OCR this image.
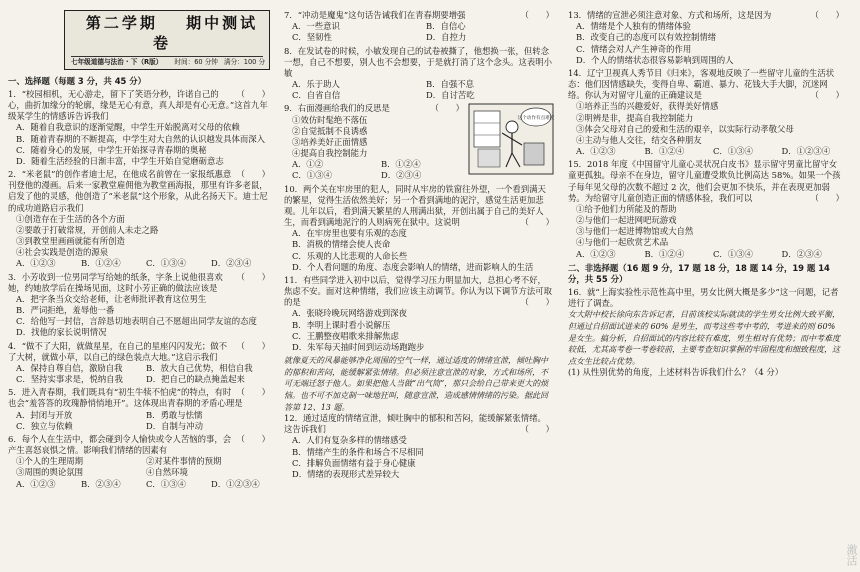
第二学期 期中测试卷
七年级道德与法治 · 下（R版） 时间：60 分钟 满分：100 分
一、选择题（每题 3 分，共 45 分）
（　　）
1．“校园相机，无心游走，留下了笑语分秒，许诺自己的心，曲折加缘分的轮廓，缘是无心有意，真人却是有心无意。”这首九年级某学生的情感诉告诉我们
A．随着自我意识的逐渐觉醒，中学生开始脱离对父母的依赖
B．随着青春期的不断提高，中学生对大自然的认识越发具体而深入
C．随着身心的发展，中学生开始探寻青春期的奥秘
D．随着生活经验的日渐丰富，中学生开始自觉磨砺意志
（　　）
2．“米老鼠”的创作者迪士尼，在他成名前曾在一家报纸惠意刊登他的漫画。后来一家教堂雇佣他为教堂画海报，那里有许多老鼠，启发了他的灵感，他创造了“米老鼠”这个形象，从此名扬天下。迪士尼的成功道路启示我们
①创造存在于生活的各个方面
②要敢于打破常规，开创前人未走之路
③到教堂里画画就能有所创造
④社会实践是创造的源泉
A．①②③	B．①②④	C．①③④	D．②③④
（　　）
3．小芳收到一位男同学写给她的纸条，字条上说他很喜欢她，约她放学后在操场见面，这时小芳正确的做法应该是
A．把字条当众交给老师，让老师批评教育这位男生
B．严词拒绝，羞辱他一番
C．给他写一封信，言辞恳切地表明自己不愿超出同学友谊的态度
D．找他的家长说明情况
（　　）
4．“做不了大阳，就做星星，在自己的星座闪闪发光；做不了大树，就做小草，以自己的绿色装点大地。”这启示我们
A．保持自尊自信，激励自我	B．放大自己优势，相信自我
C．坚持实事求是，悦纳自我	D．把自己的缺点掩盖起来
（　　）
5．进入青春期，我们既具有“初生牛犊不怕虎”的特点，有时也会“羞答答的玫瑰静悄悄地开”。这体现出青春期的矛盾心理是
A．封闭与开放	B．勇敢与怯懦
C．独立与依赖	D．自制与冲动
（　　）
6．每个人在生活中，都会碰到令人愉快或令人苦恼的事，会产生喜怒哀惧之情。影响我们情绪的因素有
①个人的生理周期	②对某件事情的预期
③周围的舆论氛围	④自然环境
A．①②③	B．②③④	C．①③④	D．①②③④
（　　）
7．“冲动是魔鬼”这句话告诫我们在青春期要增强
A．一些意识	B．自信心
C．坚韧性	D．自控力
8．在发试卷的时候，小敏发现自己的试卷被撕了，他想换一张，但转念一想，自己不想要，别人也不会想要，于是就打消了这个念头。这表明小敏
A．乐于助人	B．自强不息
C．自省自信	D．自讨苦吃
这个动作有点难度
（　　）
9．右面漫画给我们的反思是
①效仿时髦绝不落伍
②自觉抵制不良诱惑
③培养美好正面情感
④提高自我控制能力
A．①②	B．①②④
C．①③④	D．②③④
10．两个关在牢房里的犯人，同时从牢房的铁窗往外望，一个看到满天的繁星，觉得生活依然美好；另一个看到满地的泥泞，感觉生活更加悲观。儿年以后，看到满天繁星的人刑满出狱，开创出属于自己的美好人生，而看到满地泥泞的人则病死在狱中。这说明	（　　）
A．在牢房里也要有乐观的态度
B．消极的情绪会使人丧命
C．乐观的人比悲观的人命长些
D．个人看问题的角度、态度会影响人的情绪，进而影响人的生活
11．有些同学进入初中以后，觉得学习压力明显加大，总担心考不好，焦虑不安。面对这种情绪，我们应该主动调节。你认为以下调节方法可取的是	（　　）
A．张晓玲晚玩网络游戏到深夜
B．李明上课时看小说解压
C．王鹏整夜唱歌来排解焦虑
D．朱军每天抽时间到运动场跑跑步
就像夏天的风暴能够净化周围的空气一样，通过适度的情绪宣泄，倾吐胸中的郁积和苦闷，能缓解紧张情绪。但必须注意宣泄的对象，方式和场所，不可无端迁怒于他人。如果把他人当做“出气筒”，那只会给自己带来更大的烦恼。也不可不加克制一味地狂叫，随意宣泄，造成感情情绪的污染。据此回答第 12、13 题。
12．通过适度的情绪宣泄，倾吐胸中的郁积和苦闷，能缓解紧张情绪。这告诉我们	（　　）
A．人们有复杂多样的情绪感受
B．情绪产生的条件和场合不尽相同
C．排解负面情绪有益于身心健康
D．情绪的表现形式差异较大
（　　）
13．情绪的宣泄必须注意对象、方式和场所，这是因为
A．情绪是个人独有的情绪体验
B．改变自己的态度可以有效控制情绪
C．情绪会对人产生神奇的作用
D．个人的情绪状态很容易影响到周围的人
14．辽宁卫视真人秀节目《归来》，客观地反映了一些留守儿童的生活状态：他们因情感缺失，变得自卑、霸道、暴力、花钱大手大脚，沉迷网络。你认为对留守儿童的正确建议是	（　　）
①培养正当的兴趣爱好，获得美好情感
②明辨是非，提高自我控制能力
③体会父母对自己的爱和生活的艰辛，以实际行动孝敬父母
④主动与他人交往，结交各种朋友
A．①②③	B．①②④	C．①③④	D．①②③④
15．2018 年度《中国留守儿童心灵状况白皮书》显示留守男童比留守女童更孤独。母亲不在身边，留守儿童遭受欺负比例高达 58%。如果一个孩子每年见父母的次数不超过 2 次，他们会更加不快乐，并在表现更加弱势。为给留守儿童创造正面的情感体验，我们可以	（　　）
①给予他们力所能及的帮助
②与他们一起进网吧玩游戏
③与他们一起进博物馆或大自然
④与他们一起欣赏艺术品
A．①②③	B．①②④	C．①③④	D．②③④
二、非选择题（16 题 9 分，17 题 18 分，18 题 14 分，19 题 14 分，共 55 分）
16．就“上海实验性示范性高中里，男女比例大概是多少”这一问题，记者进行了调查。
女大附中校长徐向东告诉记者，目前该校实际就读的学生男女比例大致平衡，但通过自招面试进来的 60% 是男生，而考这些考中考的，考进来的则 60% 是女生。搞分析，自招面试的内容比较有难度，男生相对有优势；而中考难度较低，尤其高考卷一考卷较前，主要考查知识掌握的牢固程度和细致程度，这点女生比较占优势。
(1) 从性别优势的角度，上述材料告诉我们什么？（4 分）
激活
